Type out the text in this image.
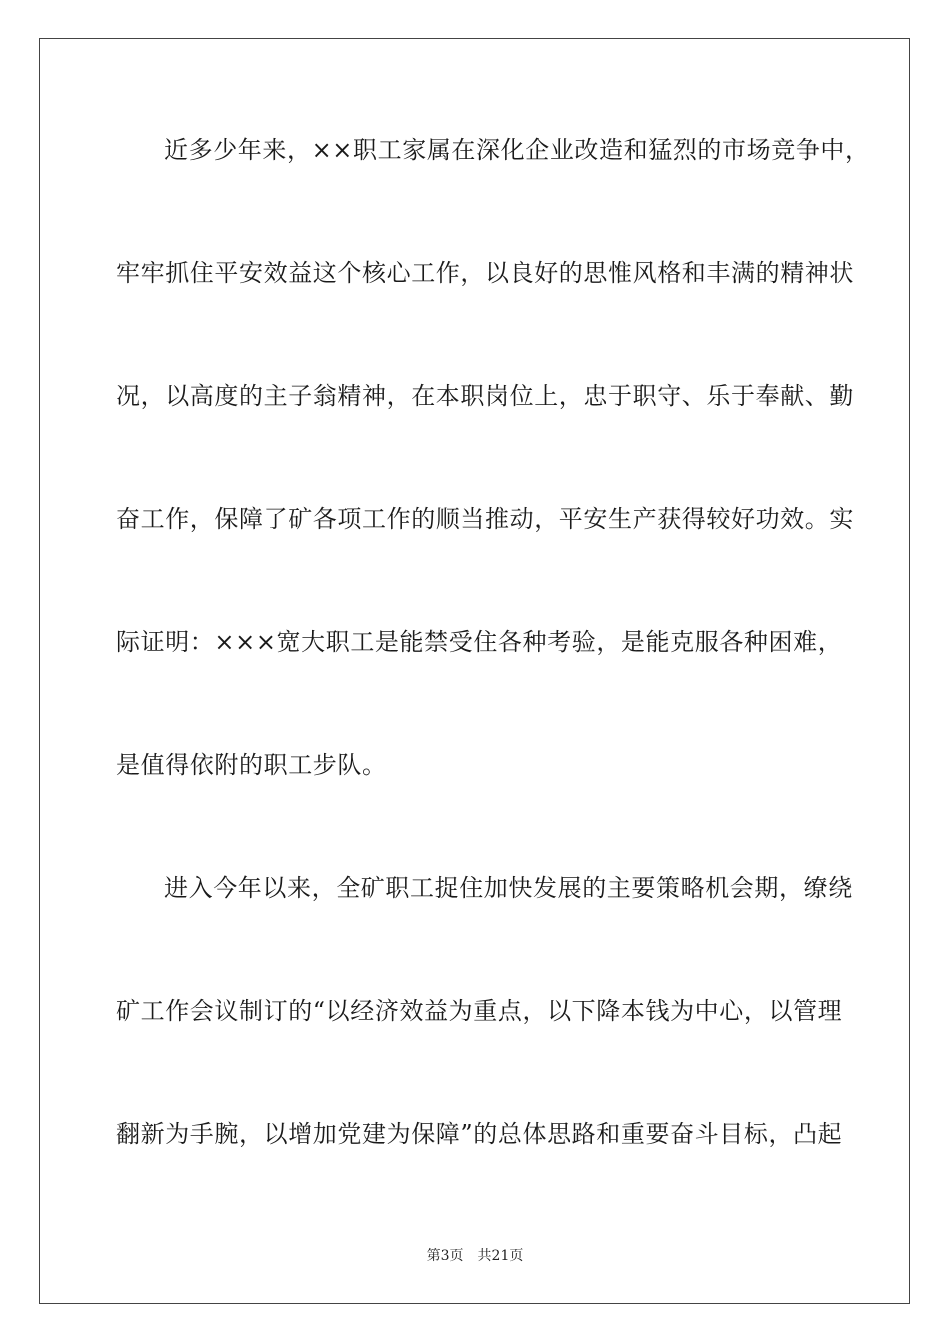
近多少年来，××职工家属在深化企业改造和猛烈的市场竞争中，
牢牢抓住平安效益这个核心工作，以良好的思惟风格和丰满的精神状
况，以高度的主子翁精神，在本职岗位上，忠于职守、乐于奉献、勤
奋工作，保障了矿各项工作的顺当推动，平安生产获得较好功效。实
际证明：×××宽大职工是能禁受住各种考验，是能克服各种困难，
是值得依附的职工步队。
进入今年以来，全矿职工捉住加快发展的主要策略机会期，缭绕
矿工作会议制订的“以经济效益为重点，以下降本钱为中心，以管理
翻新为手腕，以增加党建为保障”的总体思路和重要奋斗目标，凸起
第3页　共21页
